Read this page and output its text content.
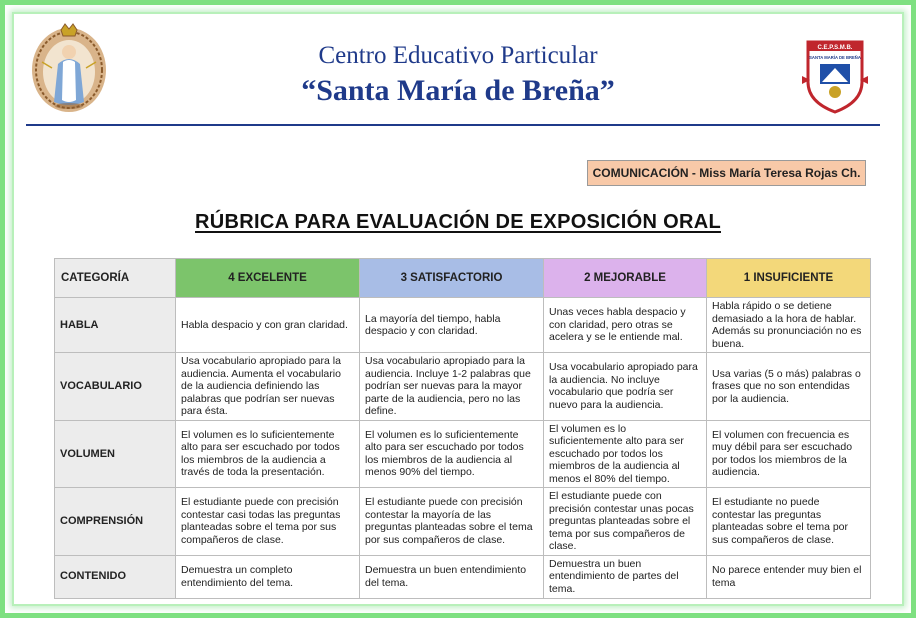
C.E.P.S.M.B.
SANTA MARÍA DE BREÑA
Centro Educativo Particular
“Santa María de Breña”
COMUNICACIÓN - Miss María Teresa Rojas Ch.
RÚBRICA PARA EVALUACIÓN DE EXPOSICIÓN ORAL
CATEGORÍA	4 EXCELENTE	3 SATISFACTORIO	2 MEJORABLE	1 INSUFICIENTE
HABLA	Habla despacio y con gran claridad.	La mayoría del tiempo, habla despacio y con claridad.	Unas veces habla despacio y con claridad, pero otras se acelera y se le entiende mal.	Habla rápido o se detiene demasiado a la hora de hablar. Además su pronunciación no es buena.
VOCABULARIO	Usa vocabulario apropiado para la audiencia. Aumenta el vocabulario de la audiencia definiendo las palabras que podrían ser nuevas para ésta.	Usa vocabulario apropiado para la audiencia. Incluye 1-2 palabras que podrían ser nuevas para la mayor parte de la audiencia, pero no las define.	Usa vocabulario apropiado para la audiencia. No incluye vocabulario que podría ser nuevo para la audiencia.	Usa varias (5 o más) palabras o frases que no son entendidas por la audiencia.
VOLUMEN	El volumen es lo suficientemente alto para ser escuchado por todos los miembros de la audiencia a través de toda la presentación.	El volumen es lo suficientemente alto para ser escuchado por todos los miembros de la audiencia al menos 90% del tiempo.	El volumen es lo suficientemente alto para ser escuchado por todos los miembros de la audiencia al menos el 80% del tiempo.	El volumen con frecuencia es muy débil para ser escuchado por todos los miembros de la audiencia.
COMPRENSIÓN	El estudiante puede con precisión contestar casi todas las preguntas planteadas sobre el tema por sus compañeros de clase.	El estudiante puede con precisión contestar la mayoría de las preguntas planteadas sobre el tema por sus compañeros de clase.	El estudiante puede con precisión contestar unas pocas preguntas planteadas sobre el tema por sus compañeros de clase.	El estudiante no puede contestar las preguntas planteadas sobre el tema por sus compañeros de clase.
CONTENIDO	Demuestra un completo entendimiento del tema.	Demuestra un buen entendimiento del tema.	Demuestra un buen entendimiento de partes del tema.	No parece entender muy bien el tema
